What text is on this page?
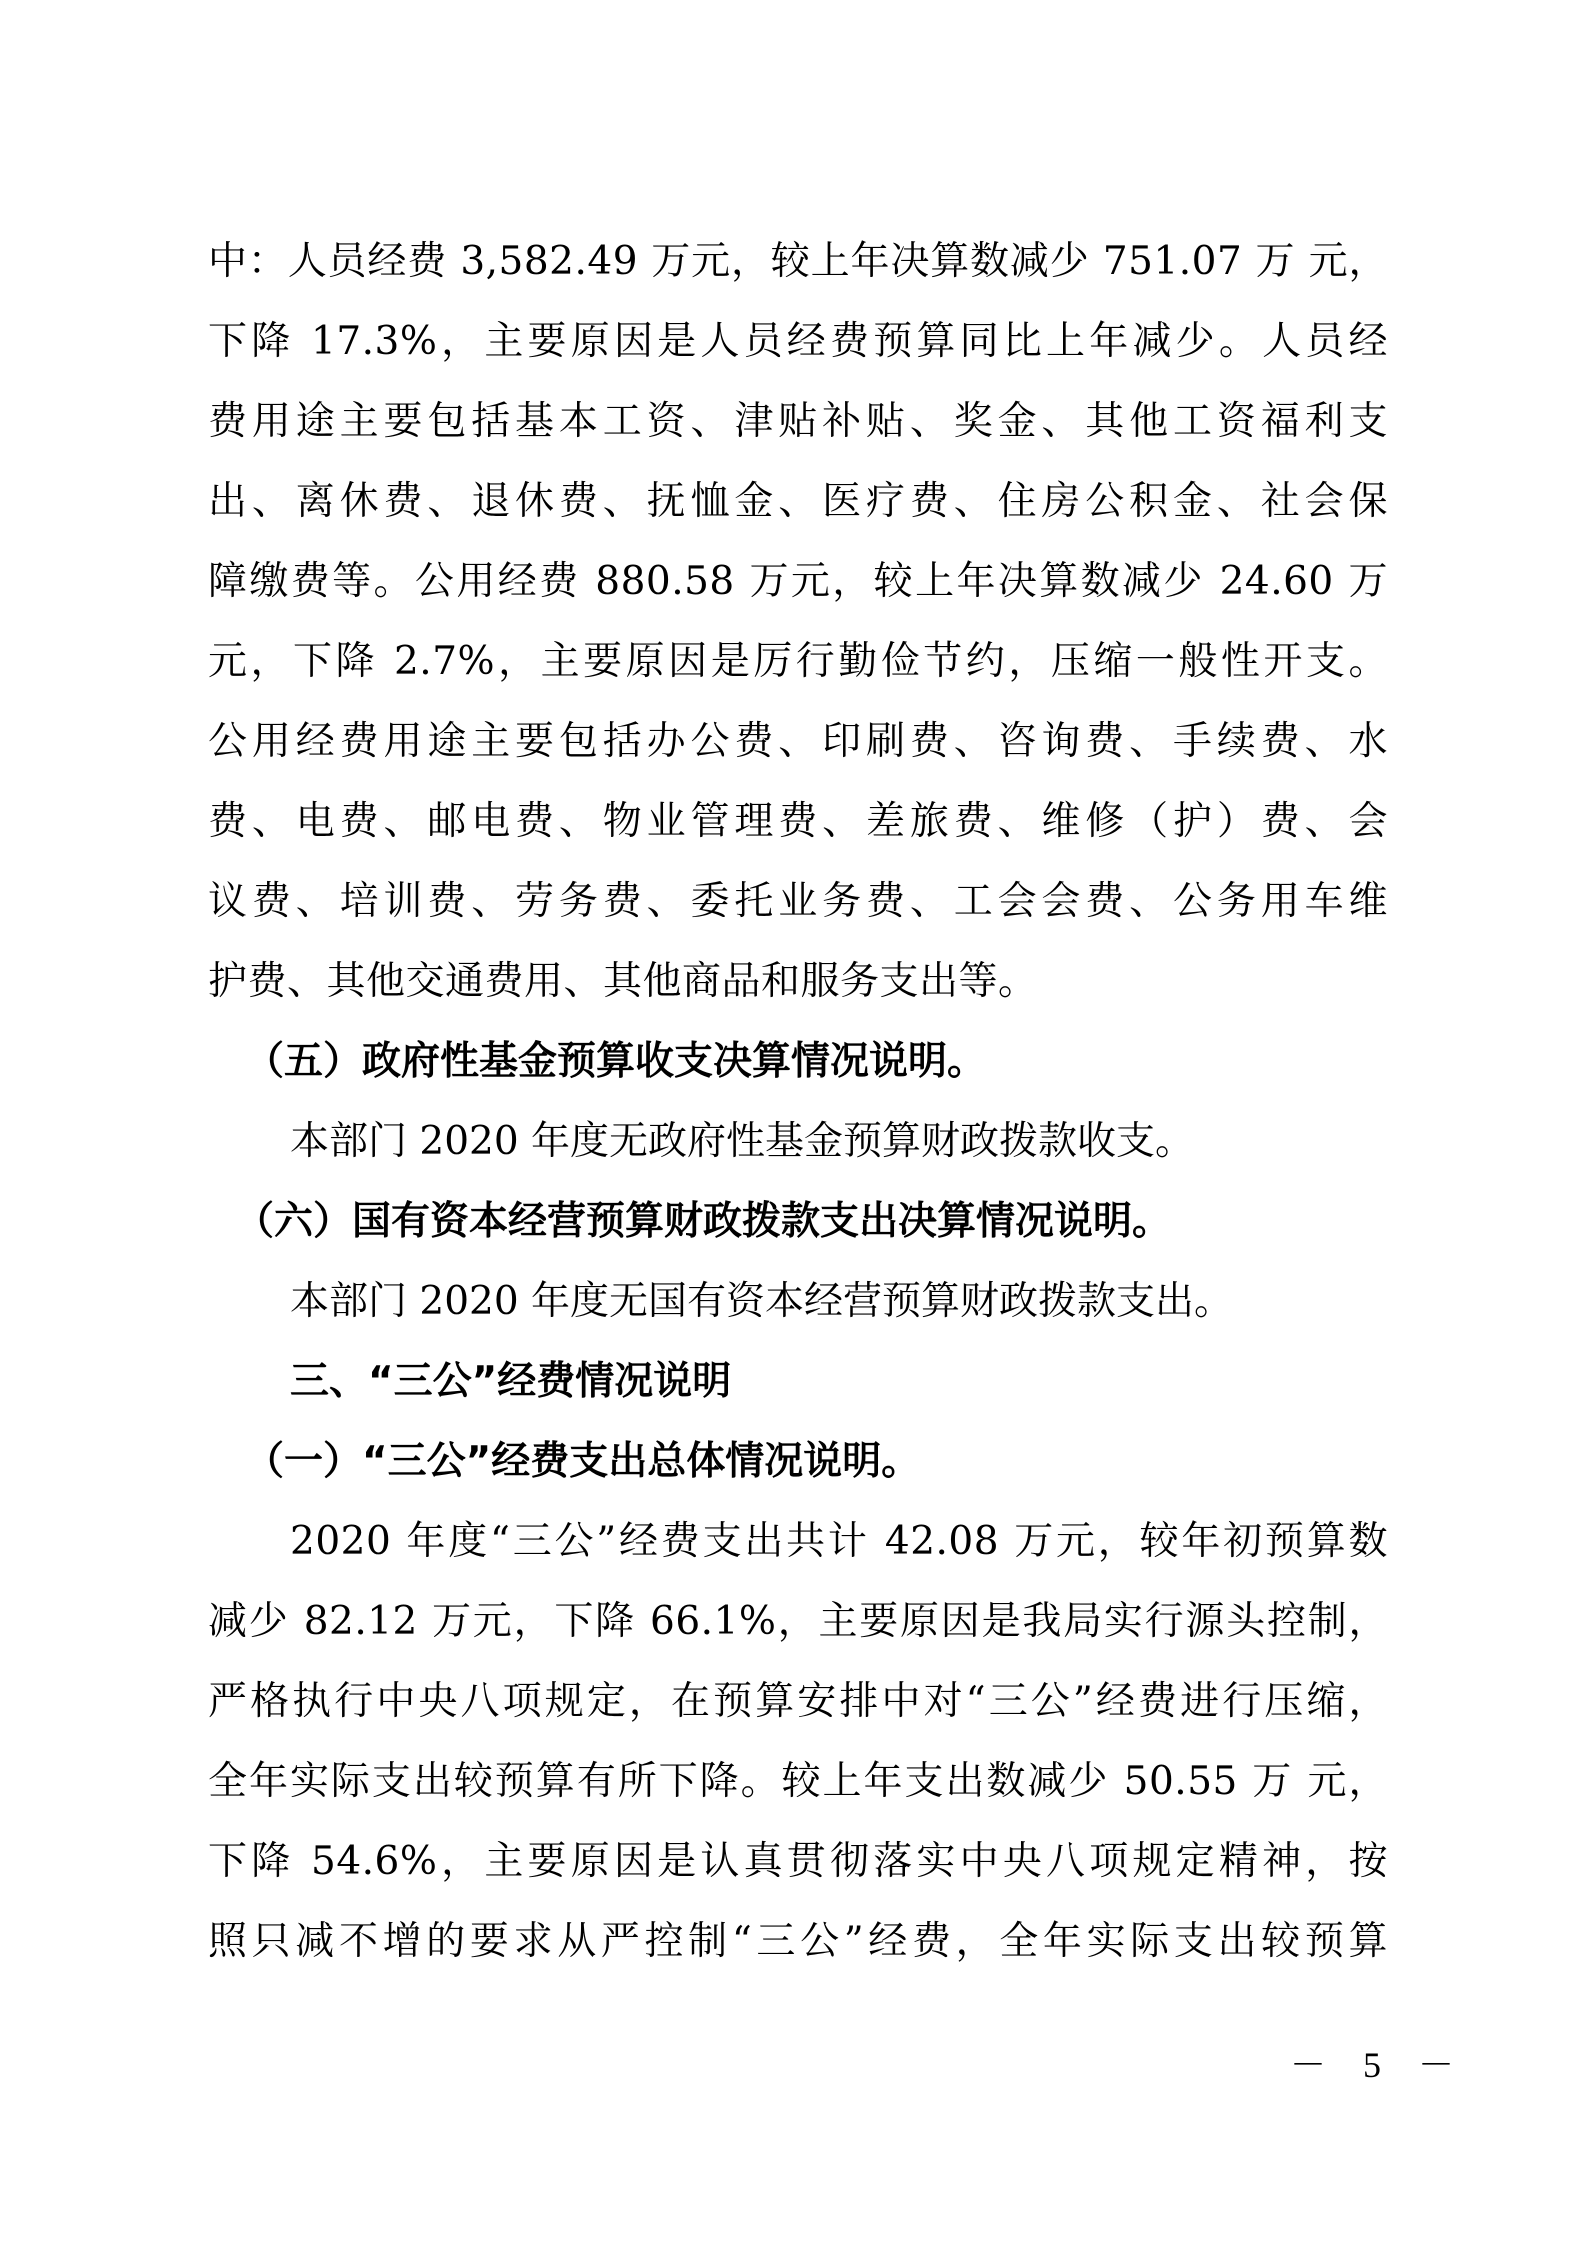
中：人员经费 3,582.49 万元，较上年决算数减少 751.07 万 元，
下降 17.3%，主要原因是人员经费预算同比上年减少。人员经
费用途主要包括基本工资、津贴补贴、奖金、其他工资福利支
出、离休费、退休费、抚恤金、医疗费、住房公积金、社会保
障缴费等。公用经费 880.58 万元，较上年决算数减少 24.60 万
元，下降 2.7%，主要原因是厉行勤俭节约，压缩一般性开支。
公用经费用途主要包括办公费、印刷费、咨询费、手续费、水
费、电费、邮电费、物业管理费、差旅费、维修（护）费、会
议费、培训费、劳务费、委托业务费、工会会费、公务用车维
护费、其他交通费用、其他商品和服务支出等。
（五）政府性基金预算收支决算情况说明。
本部门 2020 年度无政府性基金预算财政拨款收支。
（六）国有资本经营预算财政拨款支出决算情况说明。
本部门 2020 年度无国有资本经营预算财政拨款支出。
三、“三公”经费情况说明
（一）“三公”经费支出总体情况说明。
2020 年度“三公”经费支出共计 42.08 万元，较年初预算数
减少 82.12 万元，下降 66.1%，主要原因是我局实行源头控制，
严格执行中央八项规定，在预算安排中对“三公”经费进行压缩，
全年实际支出较预算有所下降。较上年支出数减少 50.55 万 元，
下降 54.6%，主要原因是认真贯彻落实中央八项规定精神，按
照只减不增的要求从严控制“三公”经费，全年实际支出较预算
－ 5 －
